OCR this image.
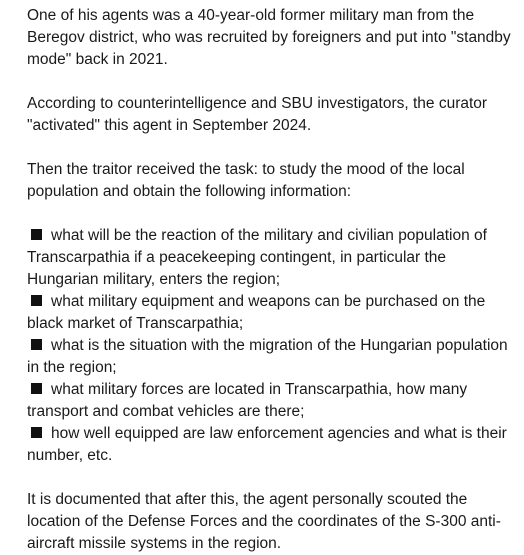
One of his agents was a 40-year-old former military man from the Beregov district, who was recruited by foreigners and put into "standby mode" back in 2021.

According to counterintelligence and SBU investigators, the curator "activated" this agent in September 2024.

Then the traitor received the task: to study the mood of the local population and obtain the following information:

what will be the reaction of the military and civilian population of Transcarpathia if a peacekeeping contingent, in particular the Hungarian military, enters the region;
what military equipment and weapons can be purchased on the black market of Transcarpathia;
what is the situation with the migration of the Hungarian population in the region;
what military forces are located in Transcarpathia, how many transport and combat vehicles are there;
how well equipped are law enforcement agencies and what is their number, etc.

It is documented that after this, the agent personally scouted the location of the Defense Forces and the coordinates of the S-300 anti-aircraft missile systems in the region.
